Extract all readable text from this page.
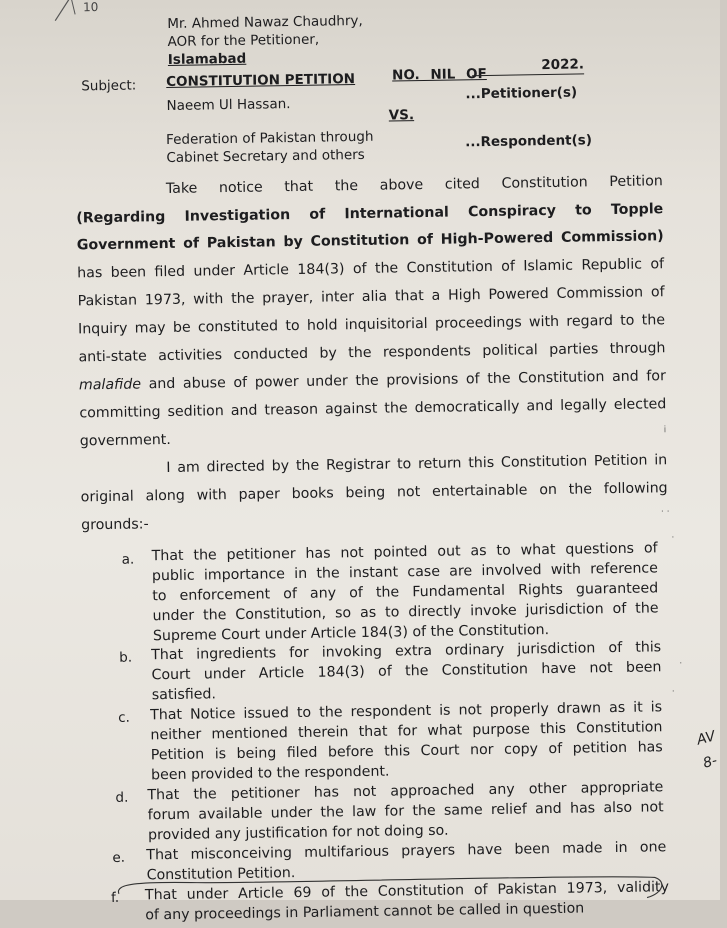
10
Mr. Ahmed Nawaz Chaudhry,
AOR for the Petitioner,
Islamabad
Subject: CONSTITUTION PETITION	NO. NIL OF
2022.
Naeem Ul Hassan.
...Petitioner(s)
VS.
Federation of Pakistan through
Cabinet Secretary and others
...Respondent(s)
Take notice that the above cited Constitution Petition
(Regarding Investigation of International Conspiracy to Topple
Government of Pakistan by Constitution of High-Powered Commission)
has been filed under Article 184(3) of the Constitution of Islamic Republic of
Pakistan 1973, with the prayer, inter alia that a High Powered Commission of
Inquiry may be constituted to hold inquisitorial proceedings with regard to the
anti-state activities conducted by the respondents political parties through
malafide and abuse of power under the provisions of the Constitution and for
committing sedition and treason against the democratically and legally elected
government.
I am directed by the Registrar to return this Constitution Petition in
original along with paper books being not entertainable on the following
grounds:-
a. That the petitioner has not pointed out as to what questions of
public importance in the instant case are involved with reference
to enforcement of any of the Fundamental Rights guaranteed
under the Constitution, so as to directly invoke jurisdiction of the
Supreme Court under Article 184(3) of the Constitution.
b. That ingredients for invoking extra ordinary jurisdiction of this
Court under Article 184(3) of the Constitution have not been
satisfied.
c. That Notice issued to the respondent is not properly drawn as it is
neither mentioned therein that for what purpose this Constitution
Petition is being filed before this Court nor copy of petition has
been provided to the respondent.
d. That the petitioner has not approached any other appropriate
forum available under the law for the same relief and has also not
provided any justification for not doing so.
e. That misconceiving multifarious prayers have been made in one
Constitution Petition.
f. That under Article 69 of the Constitution of Pakistan 1973, validity
of any proceedings in Parliament cannot be called in question
i
· ·
·
·
·
AV
8-
